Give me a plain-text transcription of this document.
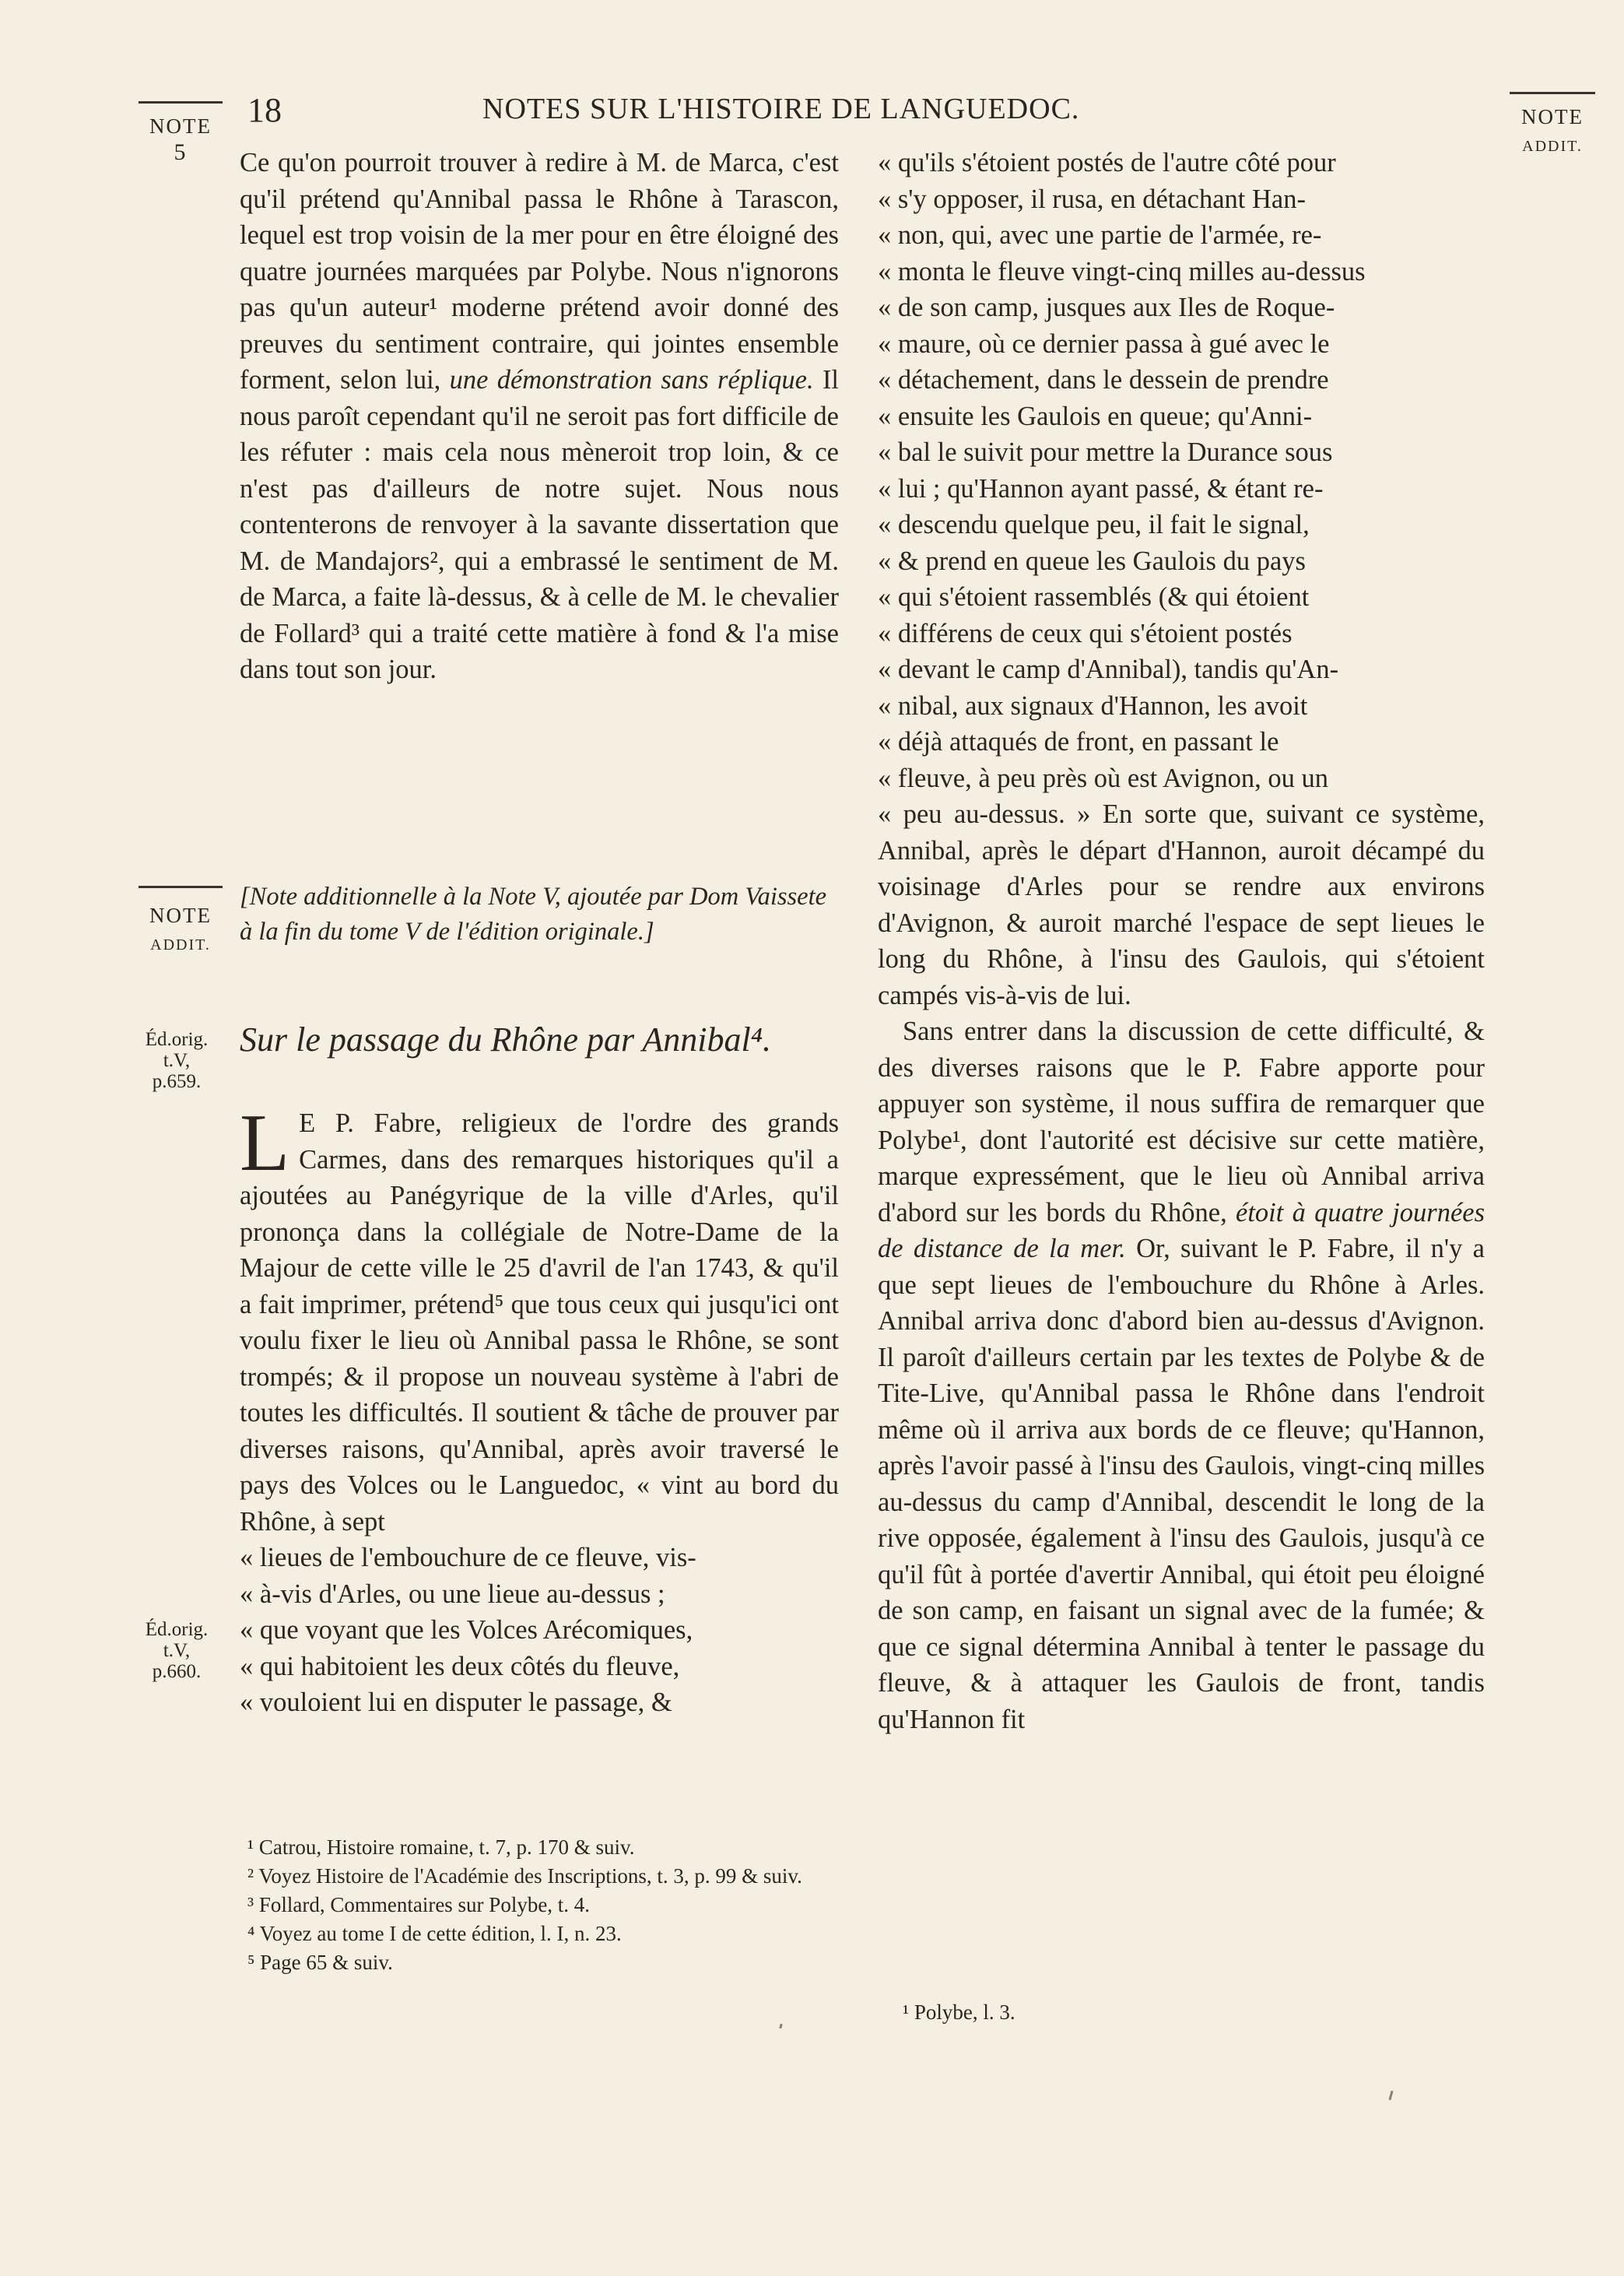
NOTE
5
NOTE
ADDIT.
18	NOTES SUR L'HISTOIRE DE LANGUEDOC.

Ce qu'on pourroit trouver à redire à M. de Marca, c'est qu'il prétend qu'Annibal passa le Rhône à Tarascon, lequel est trop voisin de la mer pour en être éloigné des quatre journées marquées par Polybe. Nous n'ignorons pas qu'un auteur¹ moderne prétend avoir donné des preuves du sentiment contraire, qui jointes ensemble forment, selon lui, une démonstration sans réplique. Il nous paroît cependant qu'il ne seroit pas fort difficile de les réfuter : mais cela nous mèneroit trop loin, & ce n'est pas d'ailleurs de notre sujet. Nous nous contenterons de renvoyer à la savante dissertation que M. de Mandajors², qui a embrassé le sentiment de M. de Marca, a faite là-dessus, & à celle de M. le chevalier de Follard³ qui a traité cette matière à fond & l'a mise dans tout son jour.

NOTE
ADDIT.
[Note additionnelle à la Note V, ajoutée par Dom Vaissete à la fin du tome V de l'édition originale.]
Éd.orig.
t.V,
p.659.
Éd.orig.
t.V,
p.660.
Sur le passage du Rhône par Annibal⁴.

L E P. Fabre, religieux de l'ordre des grands Carmes, dans des remarques historiques qu'il a ajoutées au Panégyrique de la ville d'Arles, qu'il prononça dans la collégiale de Notre-Dame de la Majour de cette ville le 25 d'avril de l'an 1743, & qu'il a fait imprimer, prétend⁵ que tous ceux qui jusqu'ici ont voulu fixer le lieu où Annibal passa le Rhône, se sont trompés; & il propose un nouveau système à l'abri de toutes les difficultés. Il soutient & tâche de prouver par diverses raisons, qu'Annibal, après avoir traversé le pays des Volces ou le Languedoc, « vint au bord du Rhône, à sept

« lieues de l'embouchure de ce fleuve, vis-
« à-vis d'Arles, ou une lieue au-dessus ;
« que voyant que les Volces Arécomiques,
« qui habitoient les deux côtés du fleuve,
« vouloient lui en disputer le passage, &
¹ Catrou, Histoire romaine, t. 7, p. 170 & suiv.
² Voyez Histoire de l'Académie des Inscriptions, t. 3, p. 99 & suiv.
³ Follard, Commentaires sur Polybe, t. 4.
⁴ Voyez au tome I de cette édition, l. I, n. 23.
⁵ Page 65 & suiv.
« qu'ils s'étoient postés de l'autre côté pour
« s'y opposer, il rusa, en détachant Han-
« non, qui, avec une partie de l'armée, re-
« monta le fleuve vingt-cinq milles au-dessus
« de son camp, jusques aux Iles de Roque-
« maure, où ce dernier passa à gué avec le
« détachement, dans le dessein de prendre
« ensuite les Gaulois en queue; qu'Anni-
« bal le suivit pour mettre la Durance sous
« lui ; qu'Hannon ayant passé, & étant re-
« descendu quelque peu, il fait le signal,
« & prend en queue les Gaulois du pays
« qui s'étoient rassemblés (& qui étoient
« différens de ceux qui s'étoient postés
« devant le camp d'Annibal), tandis qu'An-
« nibal, aux signaux d'Hannon, les avoit
« déjà attaqués de front, en passant le
« fleuve, à peu près où est Avignon, ou un

« peu au-dessus. » En sorte que, suivant ce système, Annibal, après le départ d'Hannon, auroit décampé du voisinage d'Arles pour se rendre aux environs d'Avignon, & auroit marché l'espace de sept lieues le long du Rhône, à l'insu des Gaulois, qui s'étoient campés vis-à-vis de lui.

Sans entrer dans la discussion de cette difficulté, & des diverses raisons que le P. Fabre apporte pour appuyer son système, il nous suffira de remarquer que Polybe¹, dont l'autorité est décisive sur cette matière, marque expressément, que le lieu où Annibal arriva d'abord sur les bords du Rhône, étoit à quatre journées de distance de la mer. Or, suivant le P. Fabre, il n'y a que sept lieues de l'embouchure du Rhône à Arles. Annibal arriva donc d'abord bien au-dessus d'Avignon. Il paroît d'ailleurs certain par les textes de Polybe & de Tite-Live, qu'Annibal passa le Rhône dans l'endroit même où il arriva aux bords de ce fleuve; qu'Hannon, après l'avoir passé à l'insu des Gaulois, vingt-cinq milles au-dessus du camp d'Annibal, descendit le long de la rive opposée, également à l'insu des Gaulois, jusqu'à ce qu'il fût à portée d'avertir Annibal, qui étoit peu éloigné de son camp, en faisant un signal avec de la fumée; & que ce signal détermina Annibal à tenter le passage du fleuve, & à attaquer les Gaulois de front, tandis qu'Hannon fit

¹ Polybe, l. 3.
